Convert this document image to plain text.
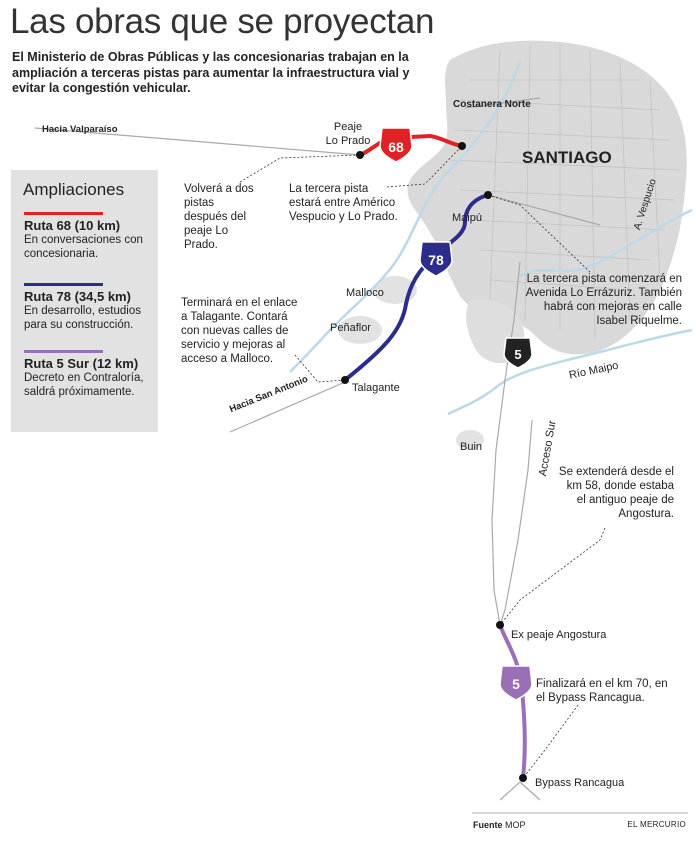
68
78
5
5
Las obras que se proyectan
El Ministerio de Obras Públicas y las concesionarias trabajan en la ampliación a terceras pistas para aumentar la infraestructura vial y evitar la congestión vehicular.
Ampliaciones
Ruta 68 (10 km)
En conversaciones con concesionaria.
Ruta 78 (34,5 km)
En desarrollo, estudios para su construcción.
Ruta 5 Sur (12 km)
Decreto en Contraloría, saldrá próximamente.
SANTIAGO
Costanera Norte
Hacia Valparaíso	Peaje
Lo Prado
Maipú
Malloco
Peñaflor
Talagante
Hacia San Antonio
A. Vespucio
Río Maipo
Buin	Acceso Sur
Ex peaje Angostura
Bypass Rancagua
Volverá a dos pistas después del peaje Lo Prado.
La tercera pista estará entre Américo Vespucio y Lo Prado.
La tercera pista comenzará en Avenida Lo Errázuriz. También habrá con mejoras en calle Isabel Riquelme.
Terminará en el enlace a Talagante. Contará con nuevas calles de servicio y mejoras al acceso a Malloco.
Se extenderá desde el km 58, donde estaba el antiguo peaje de Angostura.
Finalizará en el km 70, en el Bypass Rancagua.
Fuente MOP	EL MERCURIO
